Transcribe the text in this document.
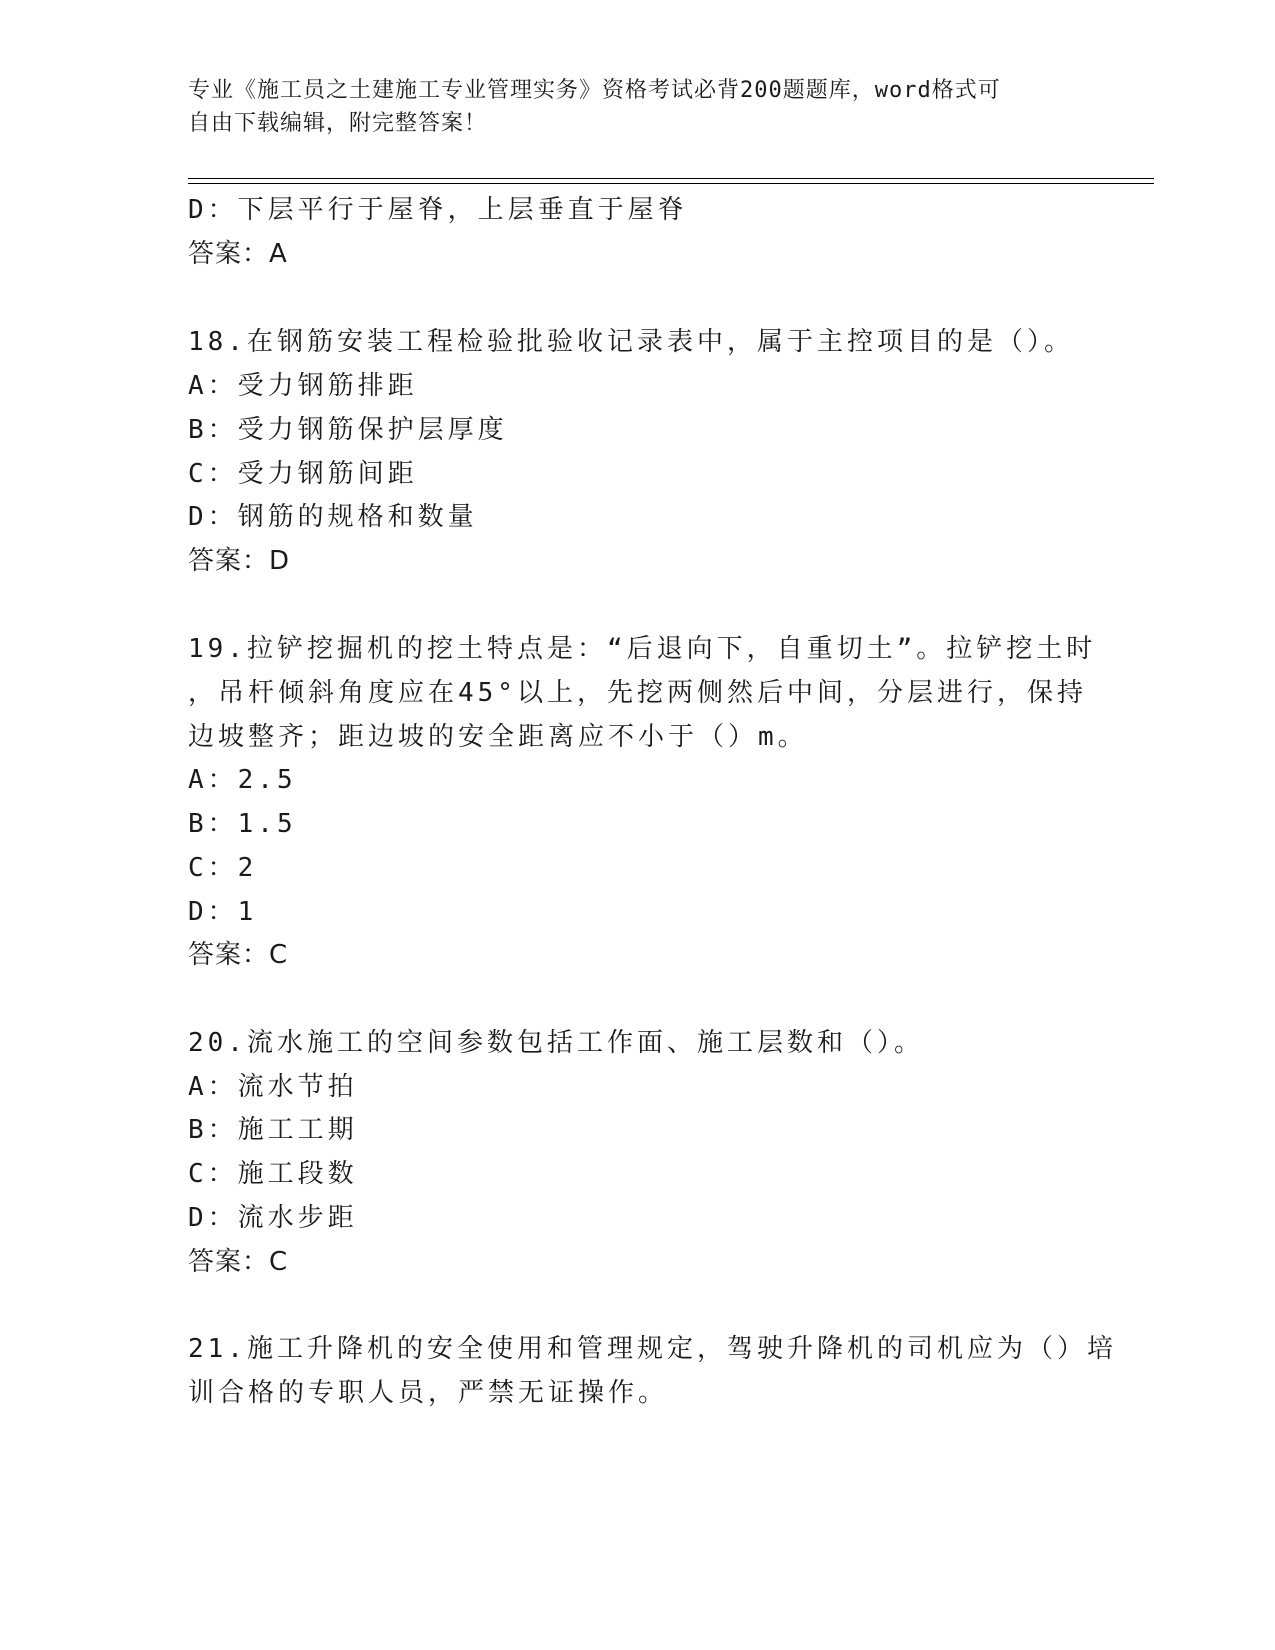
专业《施工员之土建施工专业管理实务》资格考试必背200题题库，word格式可
自由下载编辑，附完整答案！
D：下层平行于屋脊，上层垂直于屋脊
答案：A
18.在钢筋安装工程检验批验收记录表中，属于主控项目的是（）。
A：受力钢筋排距
B：受力钢筋保护层厚度
C：受力钢筋间距
D：钢筋的规格和数量
答案：D
19.拉铲挖掘机的挖土特点是：“后退向下，自重切土”。拉铲挖土时
，吊杆倾斜角度应在45°以上，先挖两侧然后中间，分层进行，保持
边坡整齐；距边坡的安全距离应不小于（）m。
A：2.5
B：1.5
C：2
D：1
答案：C
20.流水施工的空间参数包括工作面、施工层数和（）。
A：流水节拍
B：施工工期
C：施工段数
D：流水步距
答案：C
21.施工升降机的安全使用和管理规定，驾驶升降机的司机应为（）培
训合格的专职人员，严禁无证操作。
